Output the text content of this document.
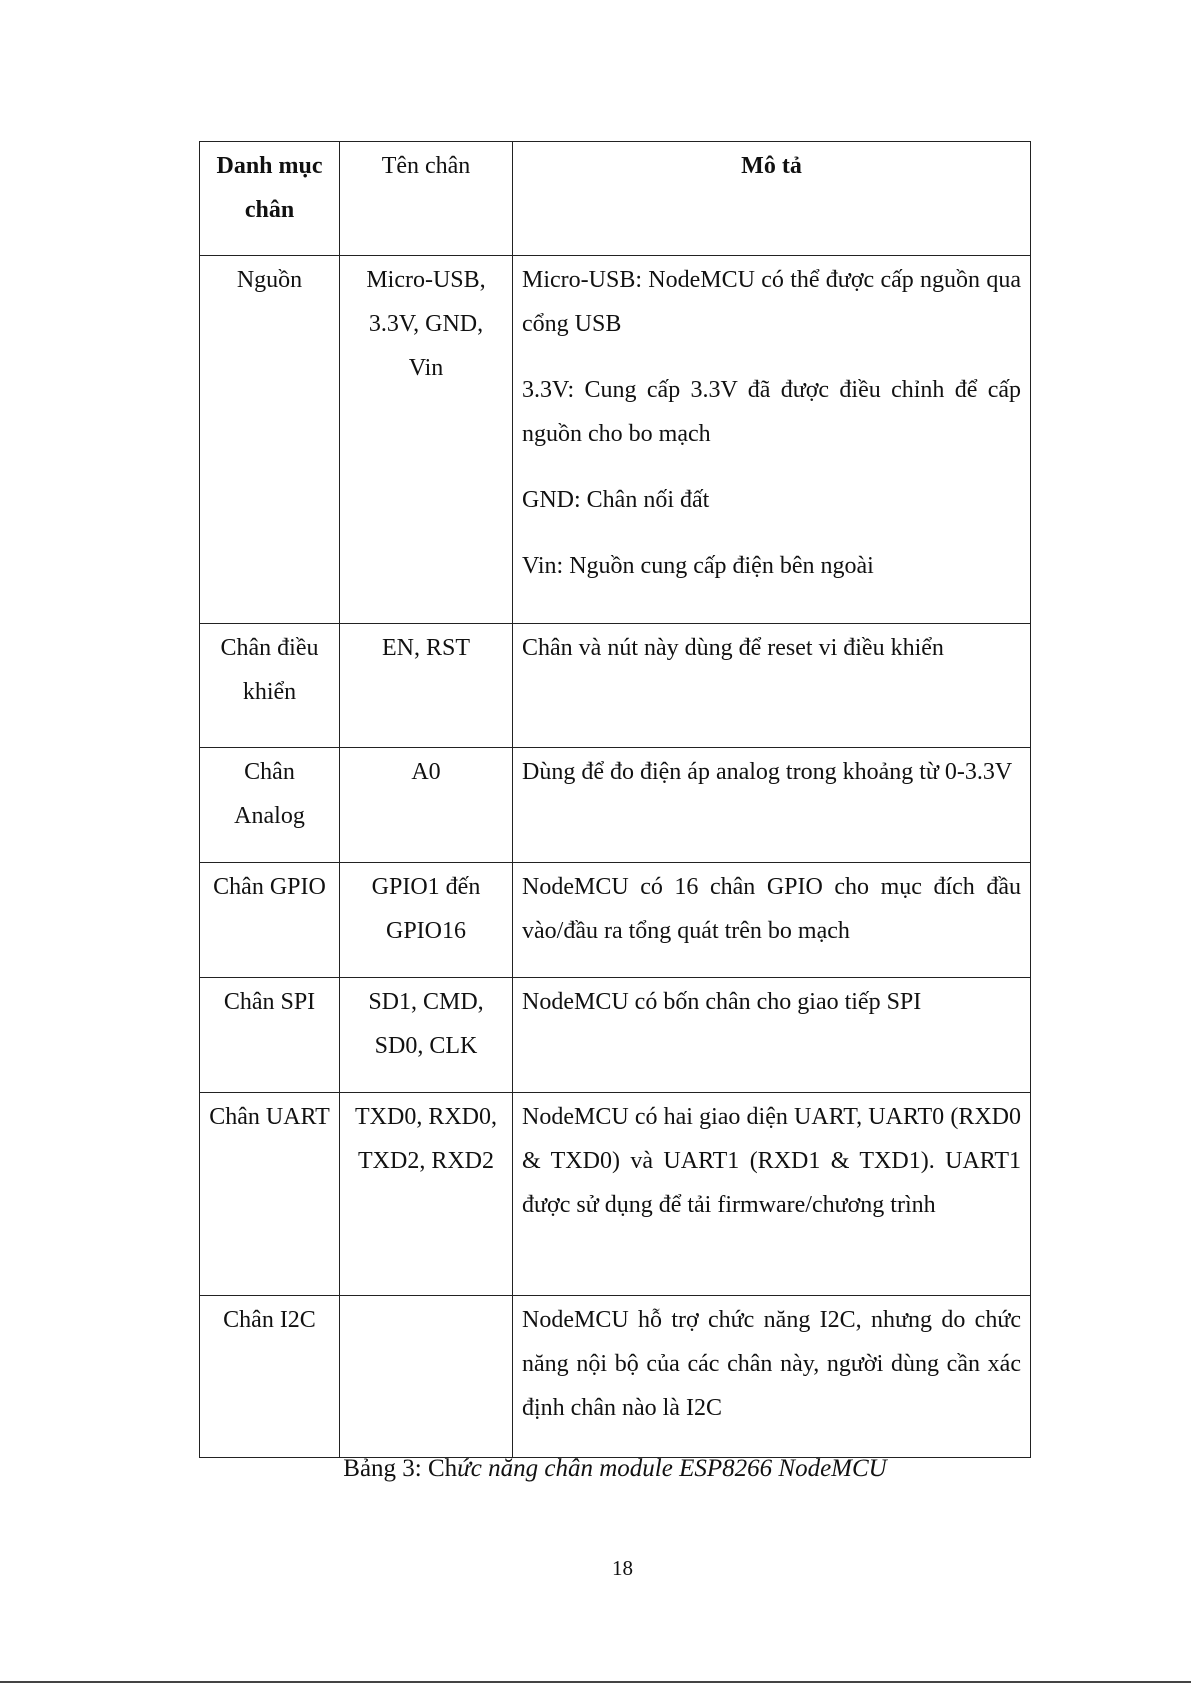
Danh mục chân	Tên chân	Mô tả
Nguồn	Micro-USB, 3.3V, GND, Vin	Micro-USB: NodeMCU có thể được cấp nguồn qua cổng USB
3.3V: Cung cấp 3.3V đã được điều chỉnh để cấp nguồn cho bo mạch
GND: Chân nối đất
Vin: Nguồn cung cấp điện bên ngoài

Chân điều khiển	EN, RST	Chân và nút này dùng để reset vi điều khiển

Chân Analog	A0	Dùng để đo điện áp analog trong khoảng từ 0-3.3V

Chân GPIO	GPIO1 đến GPIO16	NodeMCU có 16 chân GPIO cho mục đích đầu vào/đầu ra tổng quát trên bo mạch

Chân SPI	SD1, CMD, SD0, CLK	NodeMCU có bốn chân cho giao tiếp SPI

Chân UART	TXD0, RXD0, TXD2, RXD2	NodeMCU có hai giao diện UART, UART0 (RXD0 & TXD0) và UART1 (RXD1 & TXD1). UART1 được sử dụng để tải firmware/chương trình

Chân I2C		NodeMCU hỗ trợ chức năng I2C, nhưng do chức năng nội bộ của các chân này, người dùng cần xác định chân nào là I2C
Bảng 3: Chức năng chân module ESP8266 NodeMCU
18
